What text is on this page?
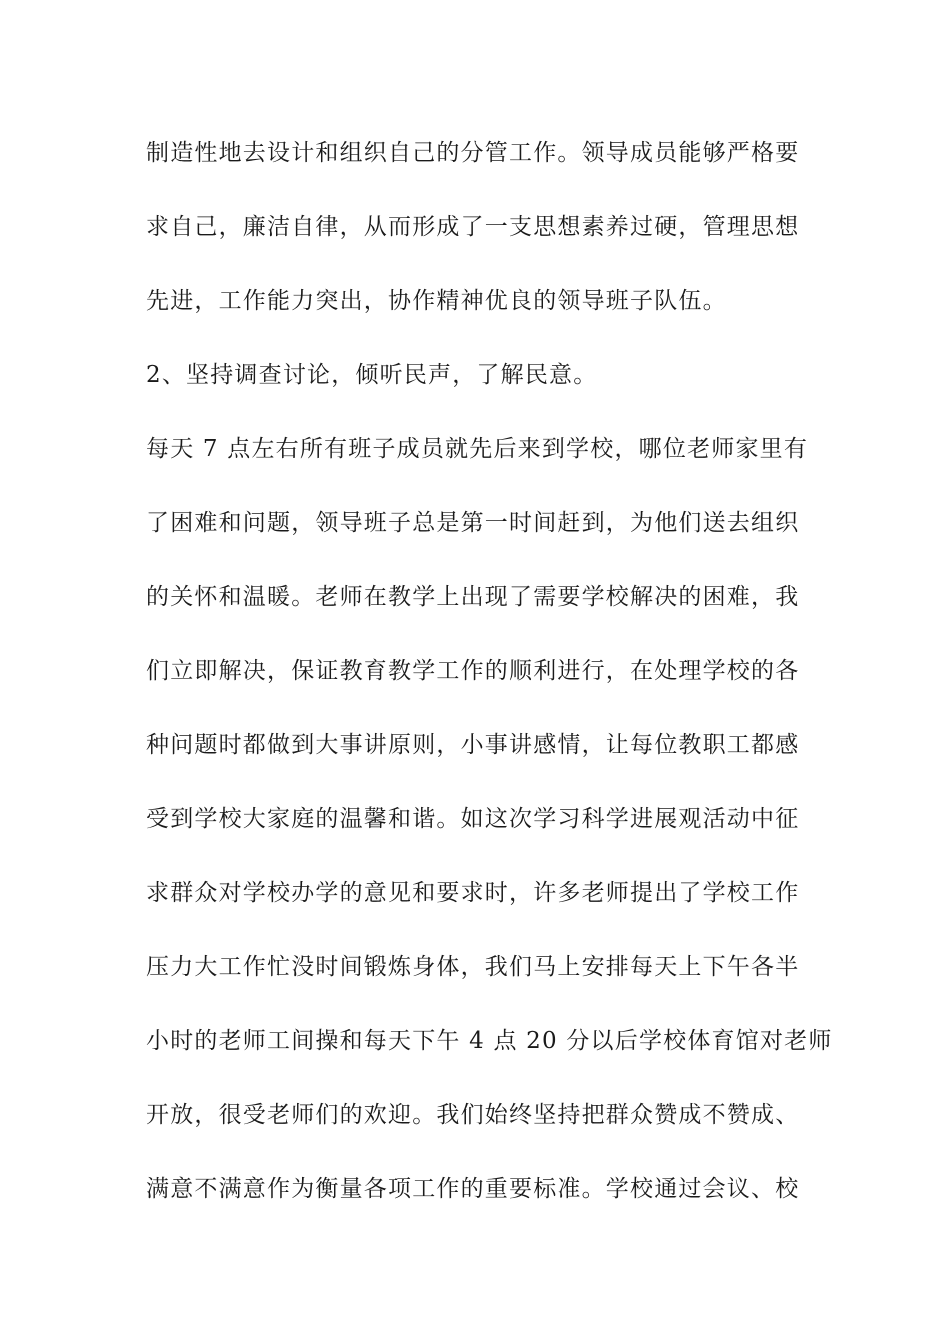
制造性地去设计和组织自己的分管工作。领导成员能够严格要
求自己，廉洁自律，从而形成了一支思想素养过硬，管理思想
先进，工作能力突出，协作精神优良的领导班子队伍。
2、坚持调查讨论，倾听民声，了解民意。
每天 7 点左右所有班子成员就先后来到学校，哪位老师家里有
了困难和问题，领导班子总是第一时间赶到，为他们送去组织
的关怀和温暖。老师在教学上出现了需要学校解决的困难，我
们立即解决，保证教育教学工作的顺利进行，在处理学校的各
种问题时都做到大事讲原则，小事讲感情，让每位教职工都感
受到学校大家庭的温馨和谐。如这次学习科学进展观活动中征
求群众对学校办学的意见和要求时，许多老师提出了学校工作
压力大工作忙没时间锻炼身体，我们马上安排每天上下午各半
小时的老师工间操和每天下午 4 点 20 分以后学校体育馆对老师
开放，很受老师们的欢迎。我们始终坚持把群众赞成不赞成、
满意不满意作为衡量各项工作的重要标准。学校通过会议、校
